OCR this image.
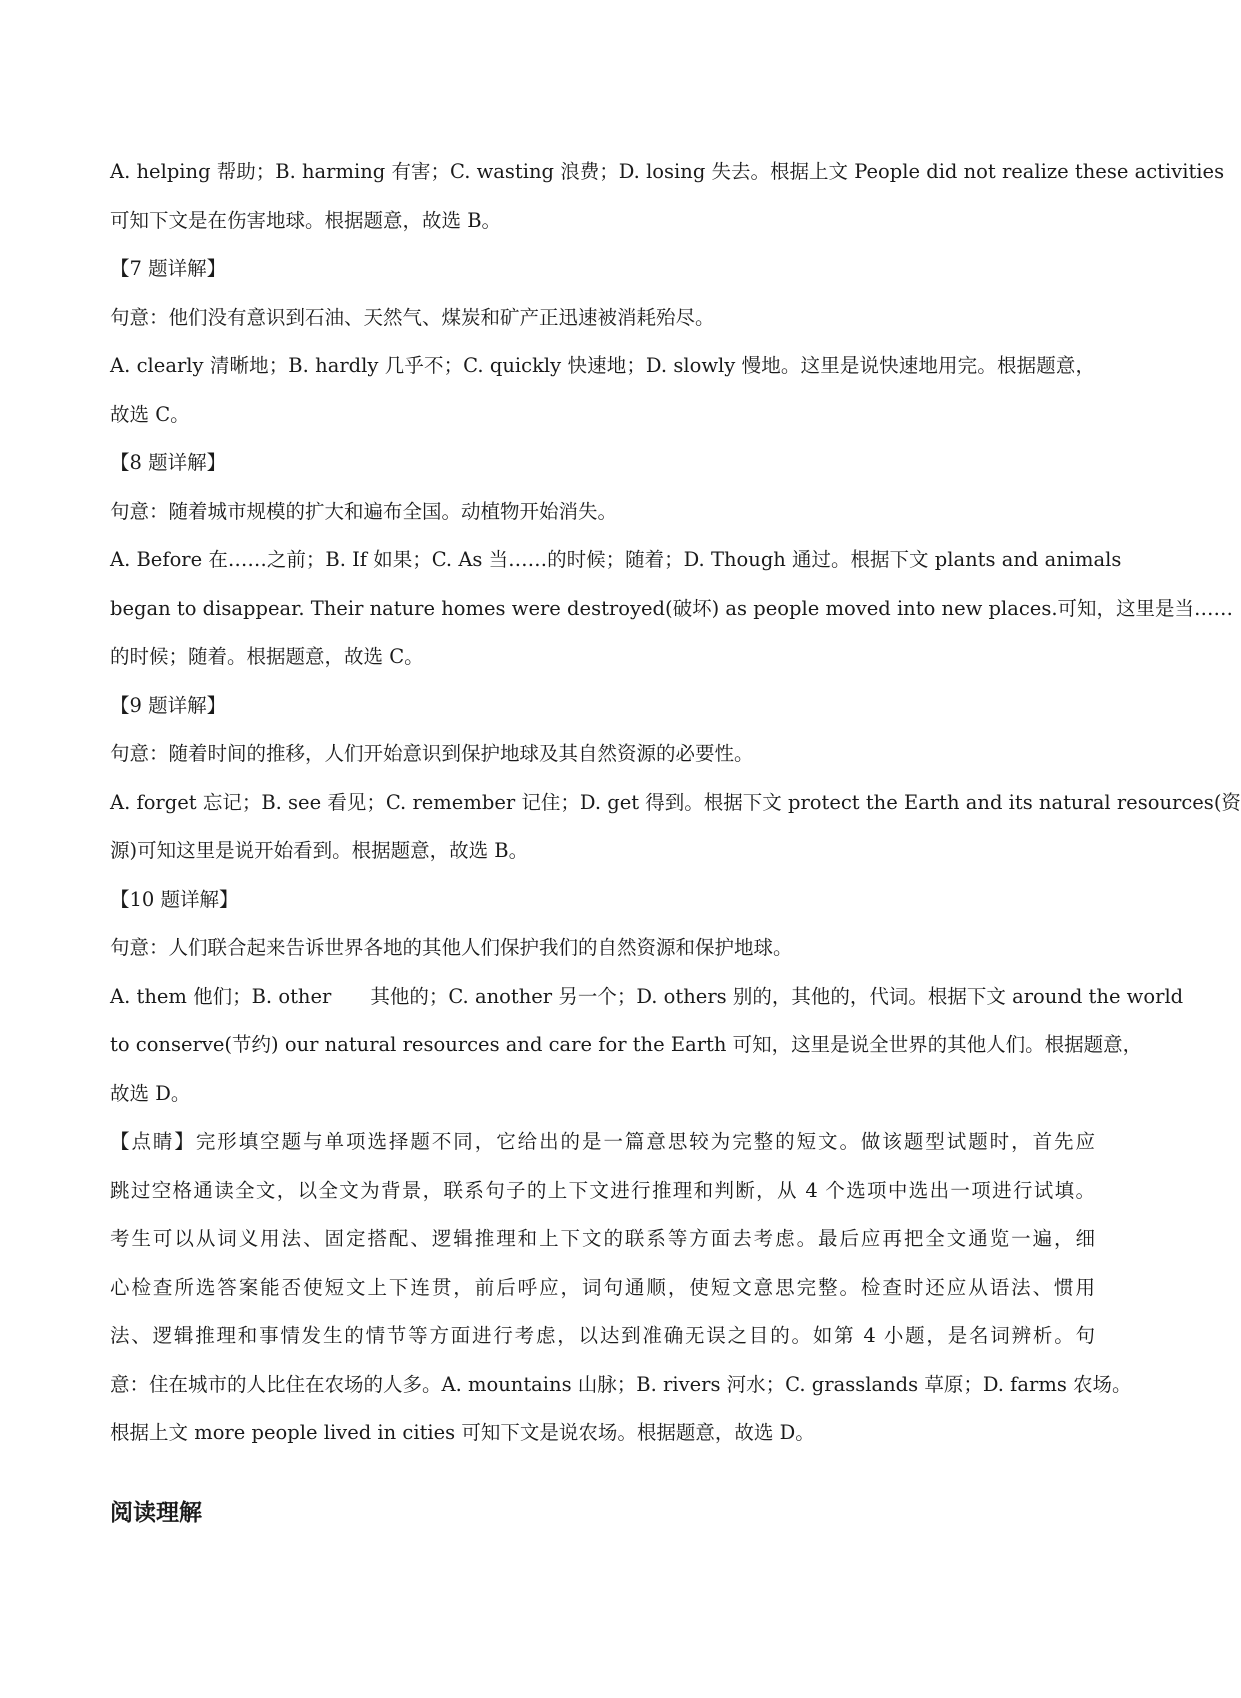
A. helping 帮助；B. harming 有害；C. wasting 浪费；D. losing 失去。根据上文 People did not realize these activities
可知下文是在伤害地球。根据题意，故选 B。
【7 题详解】
句意：他们没有意识到石油、天然气、煤炭和矿产正迅速被消耗殆尽。
A. clearly 清晰地；B. hardly 几乎不；C. quickly 快速地；D. slowly 慢地。这里是说快速地用完。根据题意，
故选 C。
【8 题详解】
句意：随着城市规模的扩大和遍布全国。动植物开始消失。
A. Before 在……之前；B. If 如果；C. As 当……的时候；随着；D. Though 通过。根据下文 plants and animals
began to disappear. Their nature homes were destroyed(破坏) as people moved into new places.可知，这里是当……
的时候；随着。根据题意，故选 C。
【9 题详解】
句意：随着时间的推移，人们开始意识到保护地球及其自然资源的必要性。
A. forget 忘记；B. see 看见；C. remember 记住；D. get 得到。根据下文 protect the Earth and its natural resources(资
源)可知这里是说开始看到。根据题意，故选 B。
【10 题详解】
句意：人们联合起来告诉世界各地的其他人们保护我们的自然资源和保护地球。
A. them 他们；B. other　　其他的；C. another 另一个；D. others 别的，其他的，代词。根据下文 around the world
to conserve(节约) our natural resources and care for the Earth 可知，这里是说全世界的其他人们。根据题意，
故选 D。
【点睛】完形填空题与单项选择题不同，它给出的是一篇意思较为完整的短文。做该题型试题时，首先应
跳过空格通读全文，以全文为背景，联系句子的上下文进行推理和判断，从 4 个选项中选出一项进行试填。
考生可以从词义用法、固定搭配、逻辑推理和上下文的联系等方面去考虑。最后应再把全文通览一遍，细
心检查所选答案能否使短文上下连贯，前后呼应，词句通顺，使短文意思完整。检查时还应从语法、惯用
法、逻辑推理和事情发生的情节等方面进行考虑，以达到准确无误之目的。如第 4 小题，是名词辨析。句
意：住在城市的人比住在农场的人多。A. mountains 山脉；B. rivers 河水；C. grasslands 草原；D. farms 农场。
根据上文 more people lived in cities 可知下文是说农场。根据题意，故选 D。
阅读理解
